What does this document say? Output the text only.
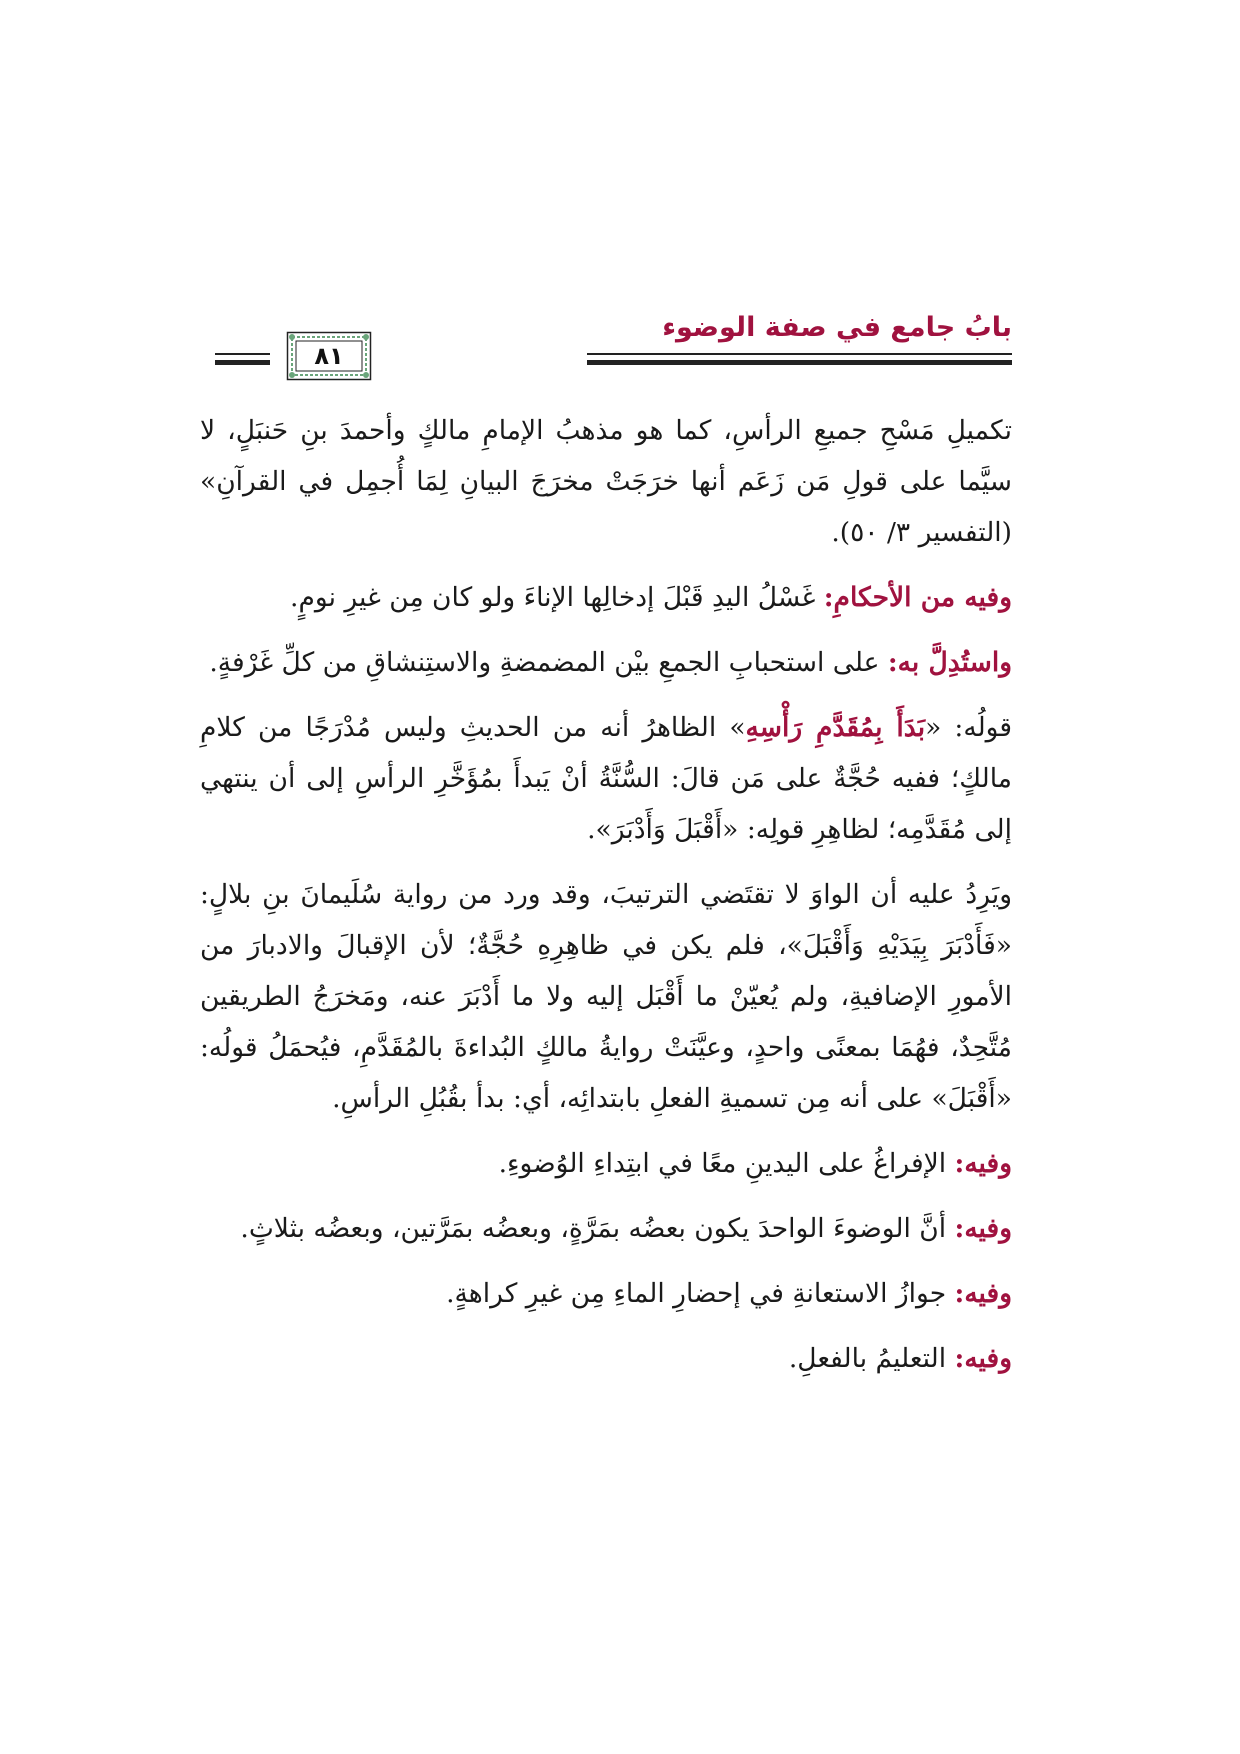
بابُ جامع في صفة الوضوء
٨١

تكميلِ مَسْحِ جميعِ الرأسِ، كما هو مذهبُ الإمامِ مالكٍ وأحمدَ بنِ حَنبَلٍ، لا سيَّما على قولِ مَن زَعَم أنها خرَجَتْ مخرَجَ البيانِ لِمَا أُجمِل في القرآنِ» (التفسير ٣/ ٥٠).

وفيه من الأحكامِ: غَسْلُ اليدِ قَبْلَ إدخالِها الإناءَ ولو كان مِن غيرِ نومٍ.

واستُدِلَّ به: على استحبابِ الجمعِ بيْن المضمضةِ والاستِنشاقِ من كلِّ غَرْفةٍ.

قولُه: «بَدَأَ بِمُقَدَّمِ رَأْسِهِ» الظاهرُ أنه من الحديثِ وليس مُدْرَجًا من كلامِ مالكٍ؛ ففيه حُجَّةٌ على مَن قالَ: السُّنَّةُ أنْ يَبدأَ بمُؤَخَّرِ الرأسِ إلى أن ينتهي إلى مُقَدَّمِه؛ لظاهِرِ قولِه: «أَقْبَلَ وَأَدْبَرَ».

ويَرِدُ عليه أن الواوَ لا تقتَضي الترتيبَ، وقد ورد من رواية سُلَيمانَ بنِ بلالٍ: «فَأَدْبَرَ بِيَدَيْهِ وَأَقْبَلَ»، فلم يكن في ظاهِرِهِ حُجَّةٌ؛ لأن الإقبالَ والادبارَ من الأمورِ الإضافيةِ، ولم يُعيّنْ ما أَقْبَل إليه ولا ما أَدْبَرَ عنه، ومَخرَجُ الطريقين مُتَّحِدٌ، فهُمَا بمعنًى واحدٍ، وعيَّنَتْ روايةُ مالكٍ البُداءةَ بالمُقَدَّمِ، فيُحمَلُ قولُه: «أَقْبَلَ» على أنه مِن تسميةِ الفعلِ بابتدائِه، أي: بدأ بقُبُلِ الرأسِ.

وفيه: الإفراغُ على اليدينِ معًا في ابتِداءِ الوُضوءِ.

وفيه: أنَّ الوضوءَ الواحدَ يكون بعضُه بمَرَّةٍ، وبعضُه بمَرَّتين، وبعضُه بثلاثٍ.

وفيه: جوازُ الاستعانةِ في إحضارِ الماءِ مِن غيرِ كراهةٍ.

وفيه: التعليمُ بالفعلِ.
